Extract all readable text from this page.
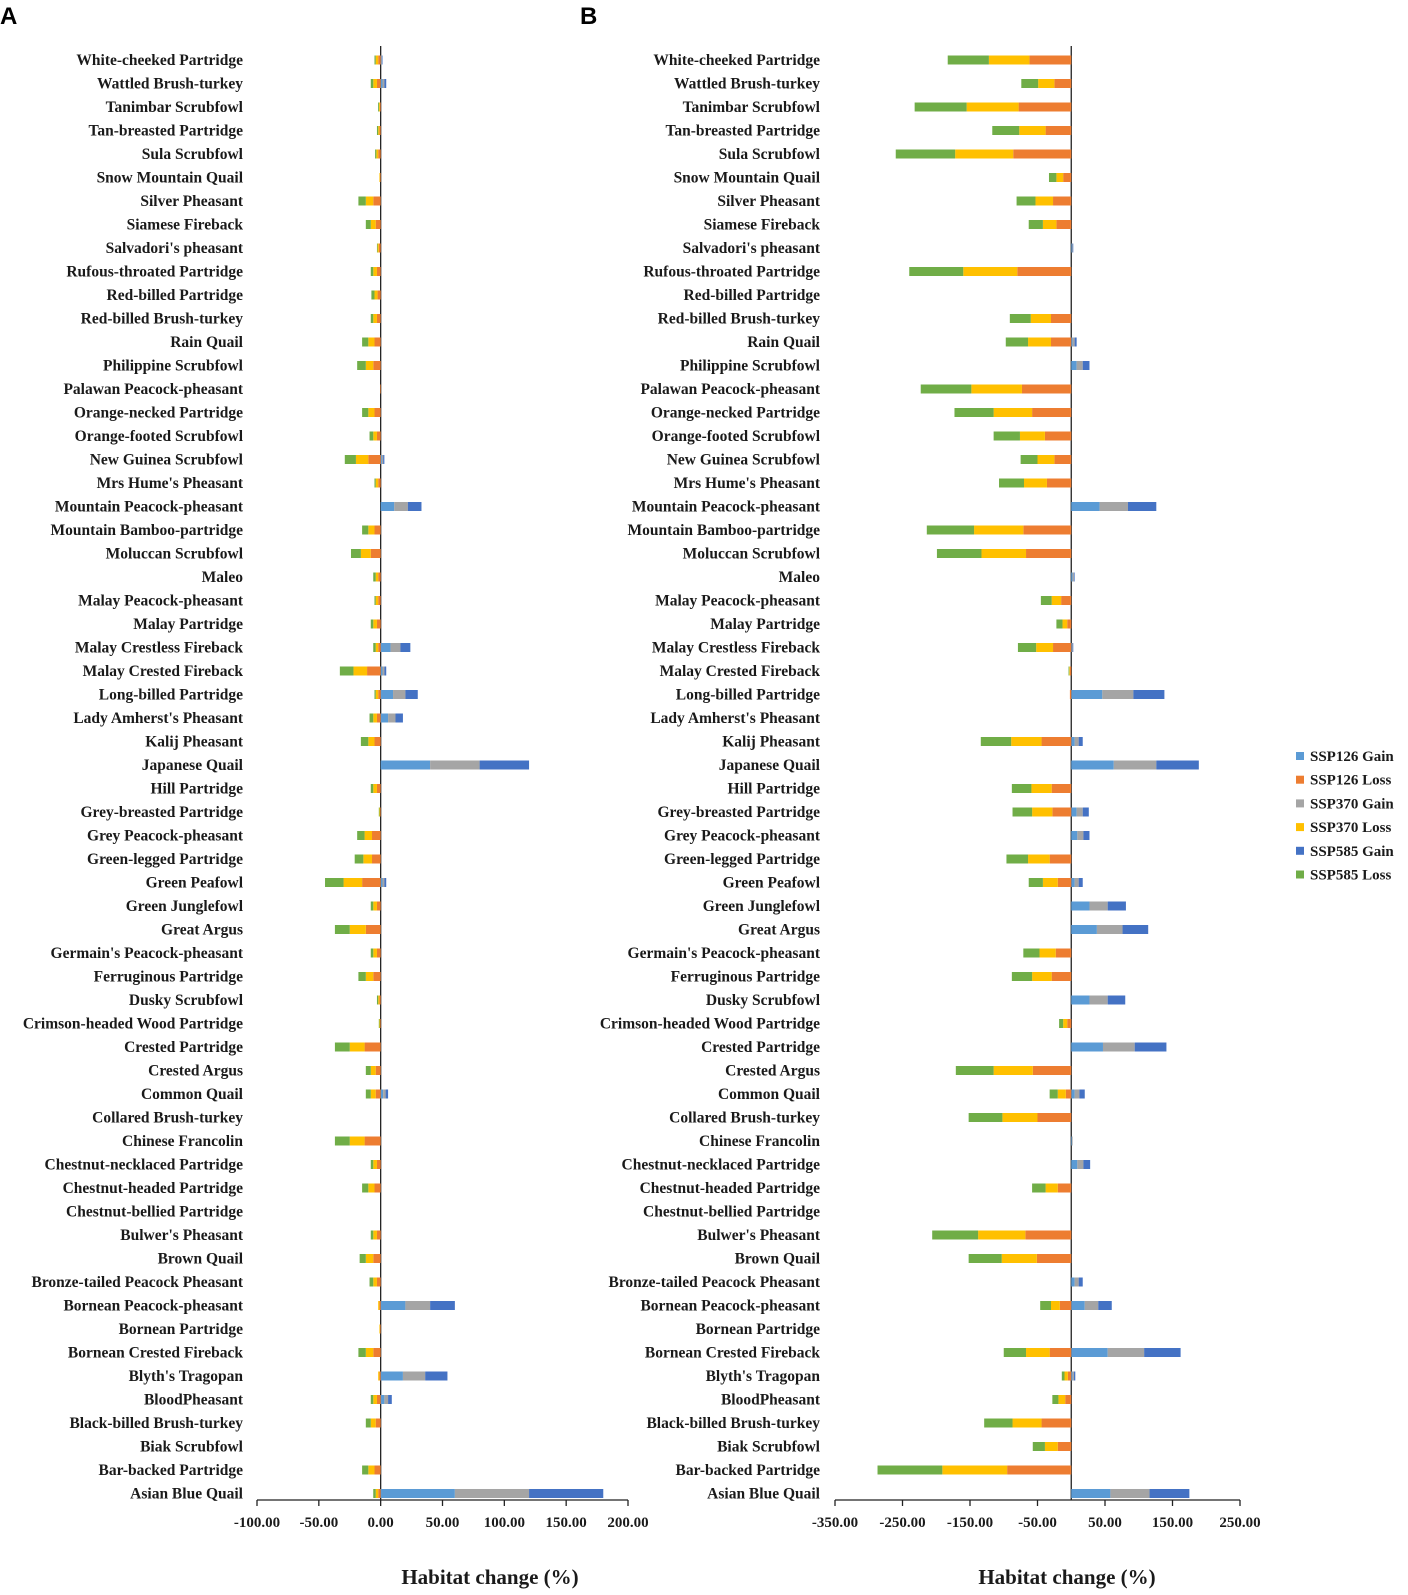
A
-100.00 -50.00 0.00 50.00 100.00 150.00 200.00
Habitat change (%)
White-cheeked Partridge
Wattled Brush-turkey
Tanimbar Scrubfowl
Tan-breasted Partridge
Sula Scrubfowl
Snow Mountain Quail
Silver Pheasant
Siamese Fireback
Salvadori's pheasant
Rufous-throated Partridge
Red-billed Partridge
Red-billed Brush-turkey
Rain Quail
Philippine Scrubfowl
Palawan Peacock-pheasant
Orange-necked Partridge
Orange-footed Scrubfowl
New Guinea Scrubfowl
Mrs Hume's Pheasant
Mountain Peacock-pheasant
Mountain Bamboo-partridge
Moluccan Scrubfowl
Maleo
Malay Peacock-pheasant
Malay Partridge
Malay Crestless Fireback
Malay Crested Fireback
Long-billed Partridge
Lady Amherst's Pheasant
Kalij Pheasant
Japanese Quail
Hill Partridge
Grey-breasted Partridge
Grey Peacock-pheasant
Green-legged Partridge
Green Peafowl
Green Junglefowl
Great Argus
Germain's Peacock-pheasant
Ferruginous Partridge
Dusky Scrubfowl
Crimson-headed Wood Partridge
Crested Partridge
Crested Argus
Common Quail
Collared Brush-turkey
Chinese Francolin
Chestnut-necklaced Partridge
Chestnut-headed Partridge
Chestnut-bellied Partridge
Bulwer's Pheasant
Brown Quail
Bronze-tailed Peacock Pheasant
Bornean Peacock-pheasant
Bornean Partridge
Bornean Crested Fireback
Blyth's Tragopan
BloodPheasant
Black-billed Brush-turkey
Biak Scrubfowl
Bar-backed Partridge
Asian Blue Quail
B
-350.00 -250.00 -150.00 -50.00 50.00 150.00 250.00
Habitat change (%)
White-cheeked Partridge
Wattled Brush-turkey
Tanimbar Scrubfowl
Tan-breasted Partridge
Sula Scrubfowl
Snow Mountain Quail
Silver Pheasant
Siamese Fireback
Salvadori's pheasant
Rufous-throated Partridge
Red-billed Partridge
Red-billed Brush-turkey
Rain Quail
Philippine Scrubfowl
Palawan Peacock-pheasant
Orange-necked Partridge
Orange-footed Scrubfowl
New Guinea Scrubfowl
Mrs Hume's Pheasant
Mountain Peacock-pheasant
Mountain Bamboo-partridge
Moluccan Scrubfowl
Maleo
Malay Peacock-pheasant
Malay Partridge
Malay Crestless Fireback
Malay Crested Fireback
Long-billed Partridge
Lady Amherst's Pheasant
Kalij Pheasant
Japanese Quail
Hill Partridge
Grey-breasted Partridge
Grey Peacock-pheasant
Green-legged Partridge
Green Peafowl
Green Junglefowl
Great Argus
Germain's Peacock-pheasant
Ferruginous Partridge
Dusky Scrubfowl
Crimson-headed Wood Partridge
Crested Partridge
Crested Argus
Common Quail
Collared Brush-turkey
Chinese Francolin
Chestnut-necklaced Partridge
Chestnut-headed Partridge
Chestnut-bellied Partridge
Bulwer's Pheasant
Brown Quail
Bronze-tailed Peacock Pheasant
Bornean Peacock-pheasant
Bornean Partridge
Bornean Crested Fireback
Blyth's Tragopan
BloodPheasant
Black-billed Brush-turkey
Biak Scrubfowl
Bar-backed Partridge
Asian Blue Quail
SSP126 Gain
SSP126 Loss
SSP370 Gain
SSP370 Loss
SSP585 Gain
SSP585 Loss
